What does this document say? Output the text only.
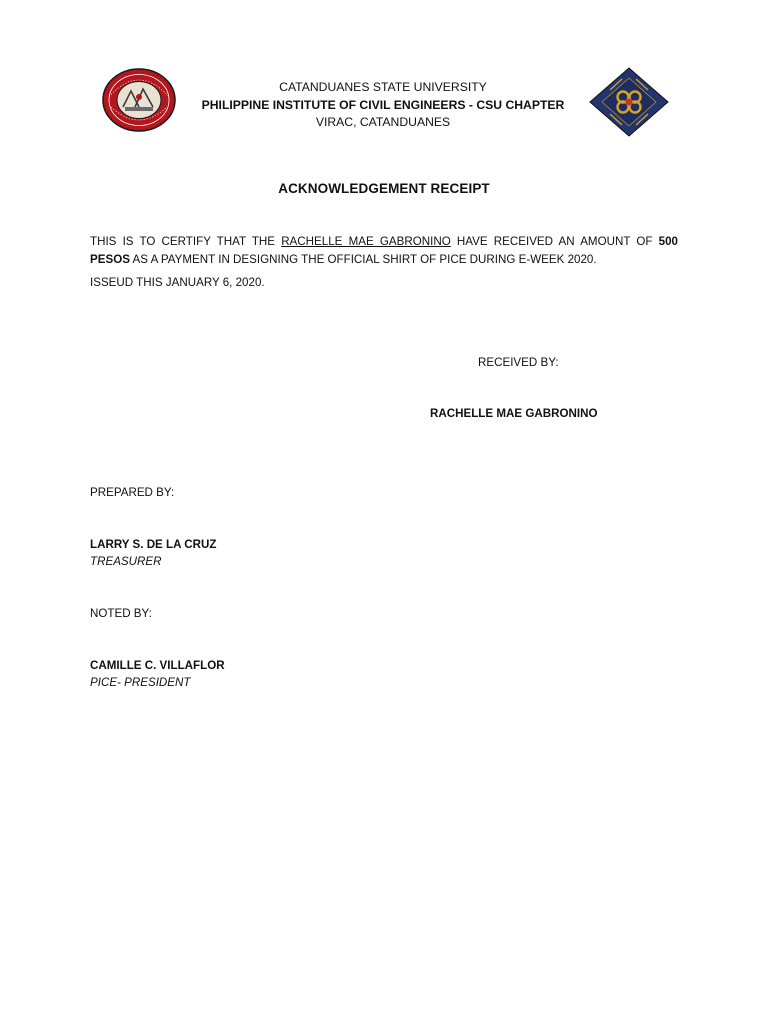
CATANDUANES STATE UNIVERSITY
PHILIPPINE INSTITUTE OF CIVIL ENGINEERS - CSU CHAPTER
VIRAC, CATANDUANES
ACKNOWLEDGEMENT RECEIPT
THIS IS TO CERTIFY THAT THE RACHELLE MAE GABRONINO HAVE RECEIVED AN AMOUNT OF 500 PESOS AS A PAYMENT IN DESIGNING THE OFFICIAL SHIRT OF PICE DURING E-WEEK 2020.
ISSEUD THIS JANUARY 6, 2020.
RECEIVED BY:
RACHELLE MAE GABRONINO
PREPARED BY:
LARRY S. DE LA CRUZ
TREASURER
NOTED BY:
CAMILLE C. VILLAFLOR
PICE- PRESIDENT
